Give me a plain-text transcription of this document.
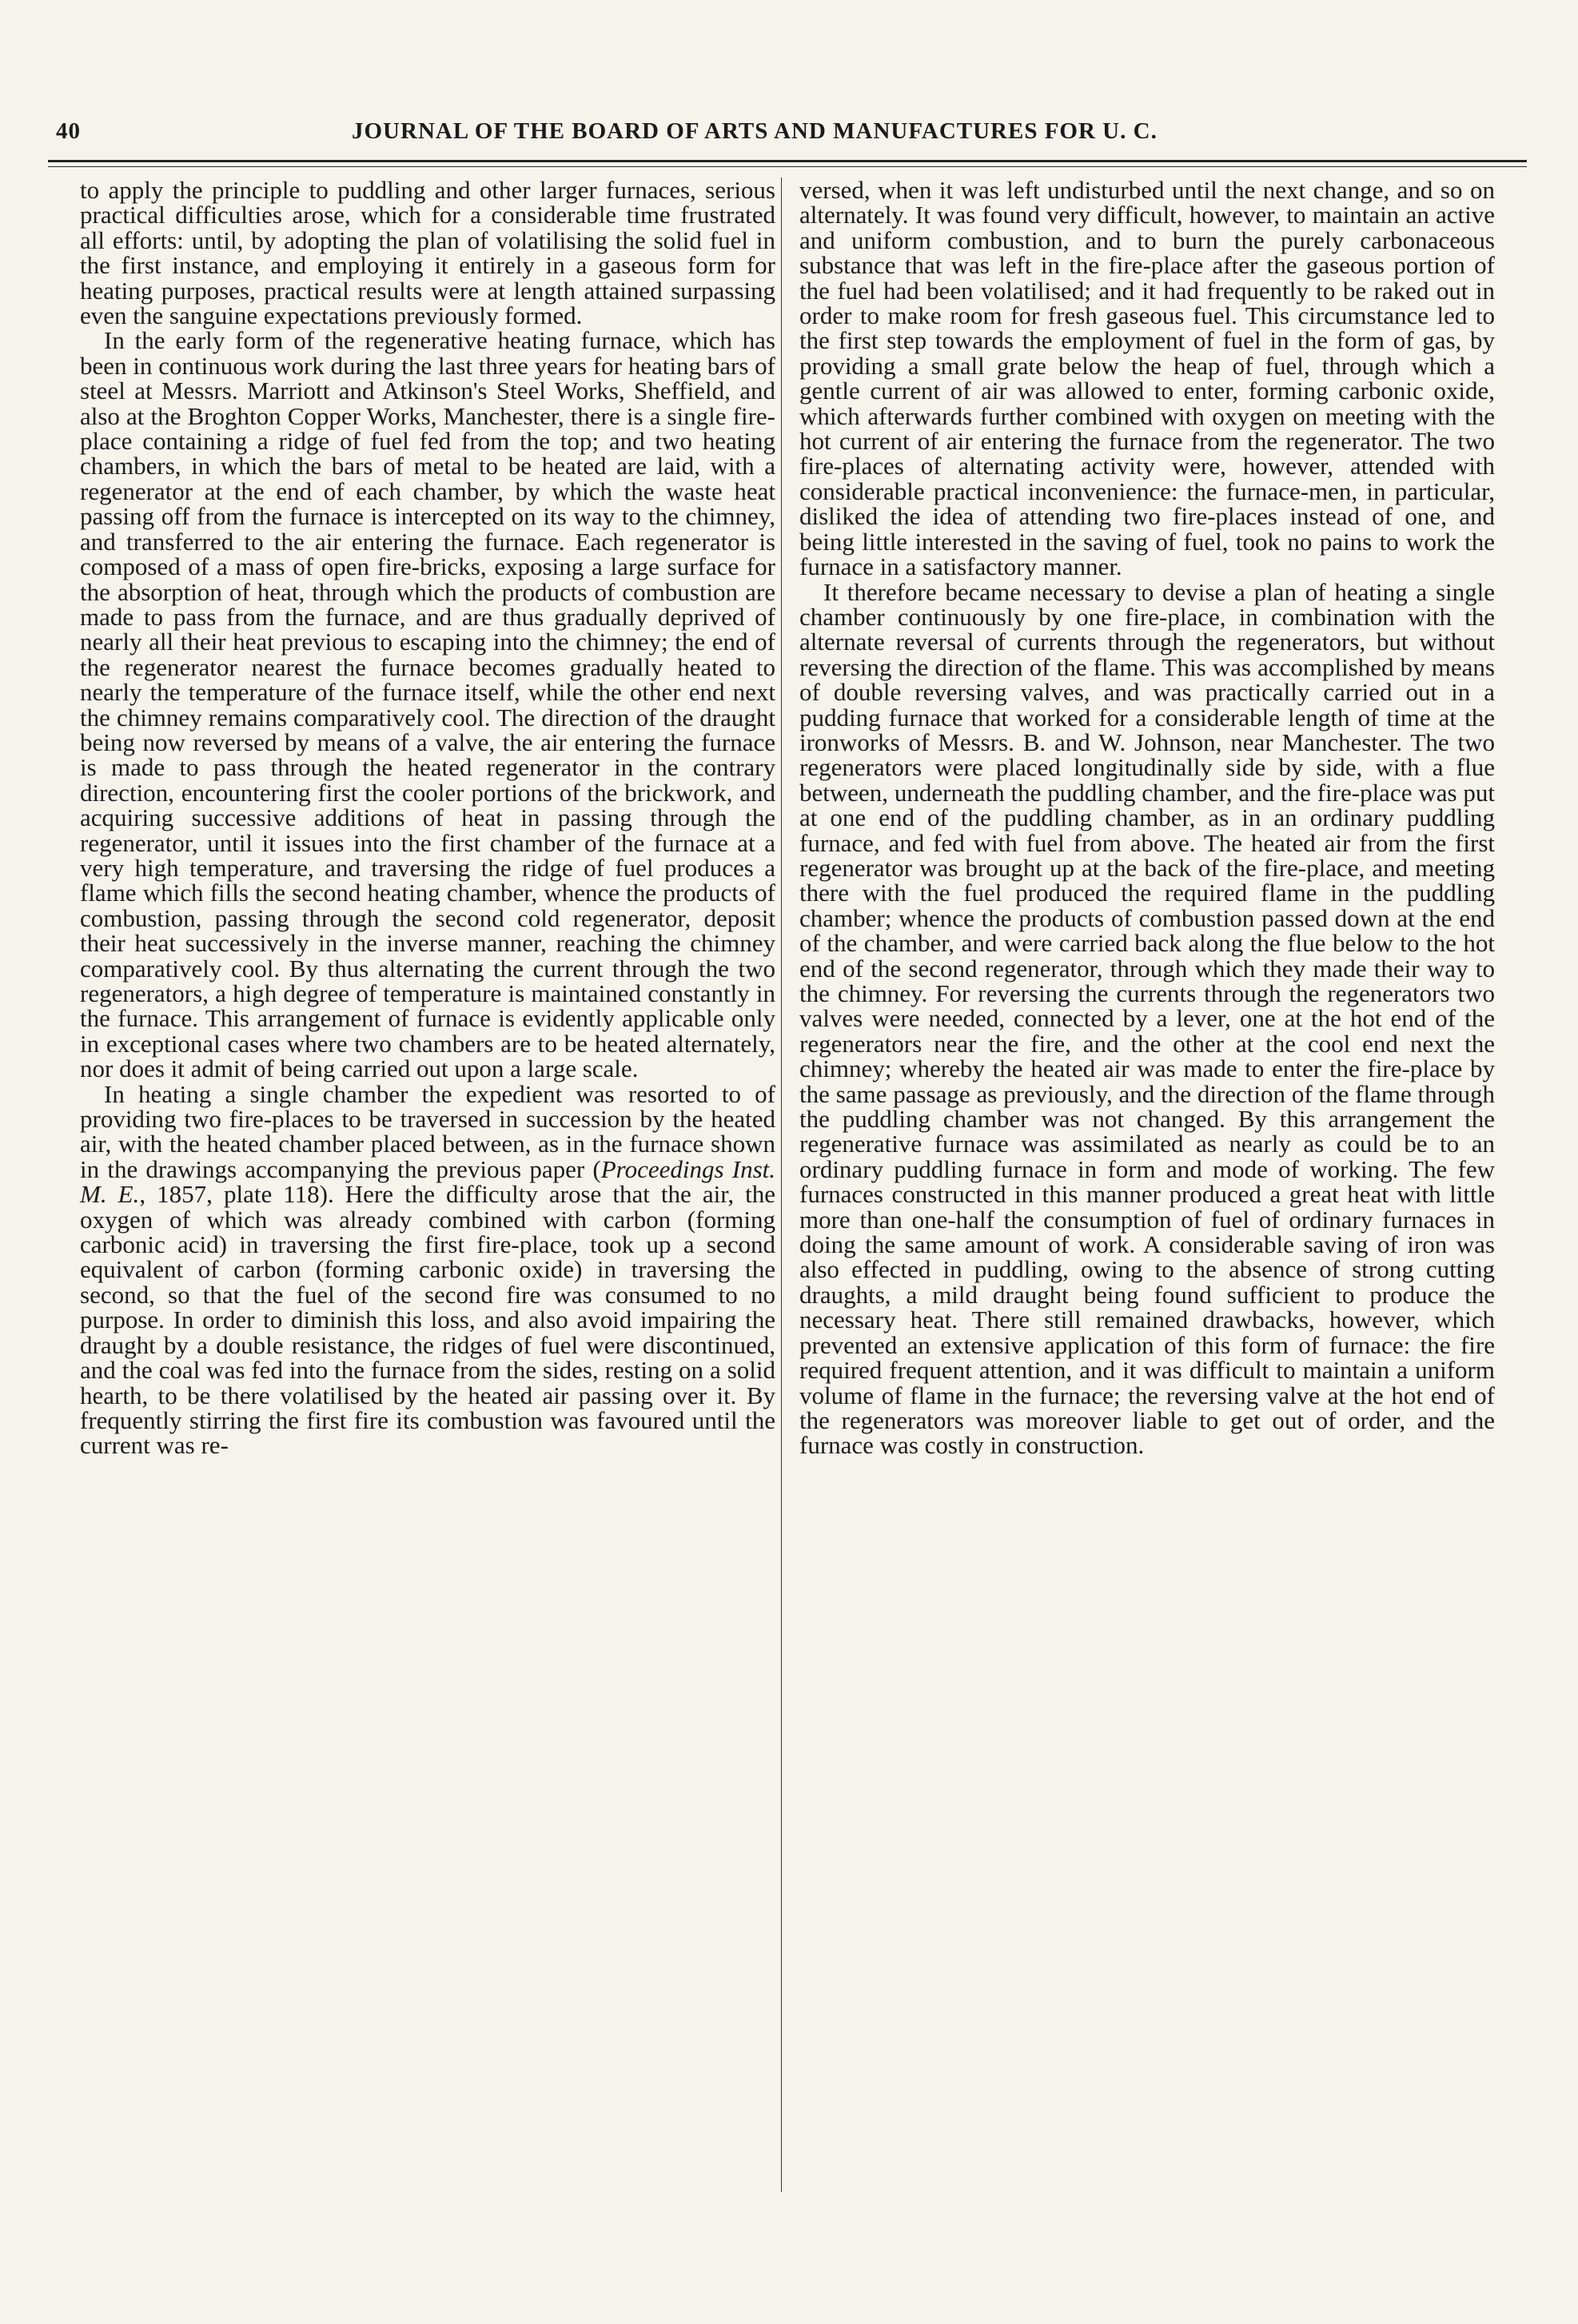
40	JOURNAL OF THE BOARD OF ARTS AND MANUFACTURES FOR U. C.

to apply the principle to puddling and other larger furnaces, serious practical difficulties arose, which for a considerable time frustrated all efforts: until, by adopting the plan of volatilising the solid fuel in the first instance, and employing it entirely in a gaseous form for heating purposes, practical results were at length attained surpassing even the sanguine expectations previously formed.

In the early form of the regenerative heating furnace, which has been in continuous work during the last three years for heating bars of steel at Messrs. Marriott and Atkinson's Steel Works, Sheffield, and also at the Broghton Copper Works, Manchester, there is a single fire-place containing a ridge of fuel fed from the top; and two heating chambers, in which the bars of metal to be heated are laid, with a regenerator at the end of each chamber, by which the waste heat passing off from the furnace is intercepted on its way to the chimney, and transferred to the air entering the furnace. Each regenerator is composed of a mass of open fire-bricks, exposing a large surface for the absorption of heat, through which the products of combustion are made to pass from the furnace, and are thus gradually deprived of nearly all their heat previous to escaping into the chimney; the end of the regenerator nearest the furnace becomes gradually heated to nearly the temperature of the furnace itself, while the other end next the chimney remains comparatively cool. The direction of the draught being now reversed by means of a valve, the air entering the furnace is made to pass through the heated regenerator in the contrary direction, encountering first the cooler portions of the brickwork, and acquiring successive additions of heat in passing through the regenerator, until it issues into the first chamber of the furnace at a very high temperature, and traversing the ridge of fuel produces a flame which fills the second heating chamber, whence the products of combustion, passing through the second cold regenerator, deposit their heat successively in the inverse manner, reaching the chimney comparatively cool. By thus alternating the current through the two regenerators, a high degree of temperature is maintained constantly in the furnace. This arrangement of furnace is evidently applicable only in exceptional cases where two chambers are to be heated alternately, nor does it admit of being carried out upon a large scale.

In heating a single chamber the expedient was resorted to of providing two fire-places to be traversed in succession by the heated air, with the heated chamber placed between, as in the furnace shown in the drawings accompanying the previous paper (Proceedings Inst. M. E., 1857, plate 118). Here the difficulty arose that the air, the oxygen of which was already combined with carbon (forming carbonic acid) in traversing the first fire-place, took up a second equivalent of carbon (forming carbonic oxide) in traversing the second, so that the fuel of the second fire was consumed to no purpose. In order to diminish this loss, and also avoid impairing the draught by a double resistance, the ridges of fuel were discontinued, and the coal was fed into the furnace from the sides, resting on a solid hearth, to be there volatilised by the heated air passing over it. By frequently stirring the first fire its combustion was favoured until the current was re-

versed, when it was left undisturbed until the next change, and so on alternately. It was found very difficult, however, to maintain an active and uniform combustion, and to burn the purely carbonaceous substance that was left in the fire-place after the gaseous portion of the fuel had been volatilised; and it had frequently to be raked out in order to make room for fresh gaseous fuel. This circumstance led to the first step towards the employment of fuel in the form of gas, by providing a small grate below the heap of fuel, through which a gentle current of air was allowed to enter, forming carbonic oxide, which afterwards further combined with oxygen on meeting with the hot current of air entering the furnace from the regenerator. The two fire-places of alternating activity were, however, attended with considerable practical inconvenience: the furnace-men, in particular, disliked the idea of attending two fire-places instead of one, and being little interested in the saving of fuel, took no pains to work the furnace in a satisfactory manner.

It therefore became necessary to devise a plan of heating a single chamber continuously by one fire-place, in combination with the alternate reversal of currents through the regenerators, but without reversing the direction of the flame. This was accomplished by means of double reversing valves, and was practically carried out in a pudding furnace that worked for a considerable length of time at the ironworks of Messrs. B. and W. Johnson, near Manchester. The two regenerators were placed longitudinally side by side, with a flue between, underneath the puddling chamber, and the fire-place was put at one end of the puddling chamber, as in an ordinary puddling furnace, and fed with fuel from above. The heated air from the first regenerator was brought up at the back of the fire-place, and meeting there with the fuel produced the required flame in the puddling chamber; whence the products of combustion passed down at the end of the chamber, and were carried back along the flue below to the hot end of the second regenerator, through which they made their way to the chimney. For reversing the currents through the regenerators two valves were needed, connected by a lever, one at the hot end of the regenerators near the fire, and the other at the cool end next the chimney; whereby the heated air was made to enter the fire-place by the same passage as previously, and the direction of the flame through the puddling chamber was not changed. By this arrangement the regenerative furnace was assimilated as nearly as could be to an ordinary puddling furnace in form and mode of working. The few furnaces constructed in this manner produced a great heat with little more than one-half the consumption of fuel of ordinary furnaces in doing the same amount of work. A considerable saving of iron was also effected in puddling, owing to the absence of strong cutting draughts, a mild draught being found sufficient to produce the necessary heat. There still remained drawbacks, however, which prevented an extensive application of this form of furnace: the fire required frequent attention, and it was difficult to maintain a uniform volume of flame in the furnace; the reversing valve at the hot end of the regenerators was moreover liable to get out of order, and the furnace was costly in construction.
